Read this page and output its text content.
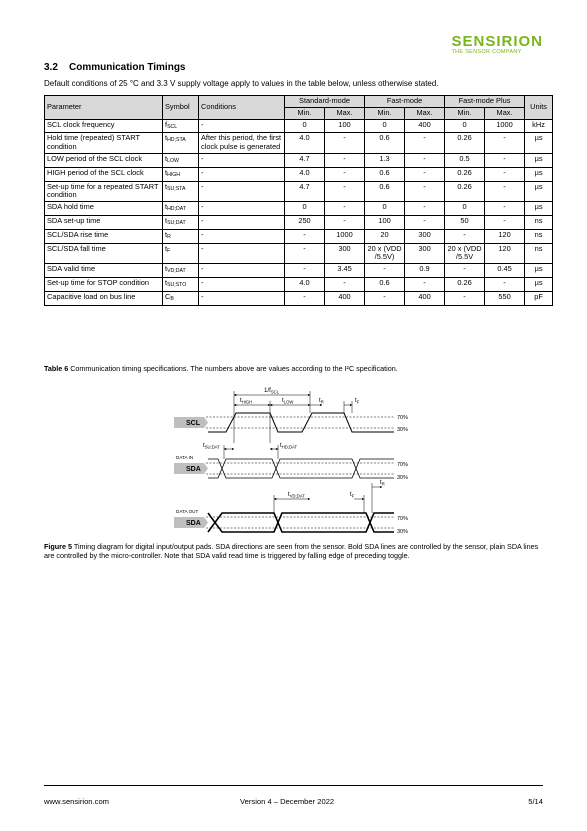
SENSIRION
THE SENSOR COMPANY
3.2 Communication Timings
Default conditions of 25 °C and 3.3 V supply voltage apply to values in the table below, unless otherwise stated.
Parameter	Symbol	Conditions	Standard-mode		Fast-mode		Fast-mode Plus		Units
			Min.	Max.	Min.	Max.	Min.	Max.	
SCL clock frequency	fSCL	-	0	100	0	400	0	1000	kHz
Hold time (repeated) START condition	tHD;STA	After this period, the first clock pulse is generated	4.0	-	0.6	-	0.26	-	µs
LOW period of the SCL clock	tLOW	-	4.7	-	1.3	-	0.5	-	µs
HIGH period of the SCL clock	tHIGH	-	4.0	-	0.6	-	0.26	-	µs
Set-up time for a repeated START condition	tSU;STA	-	4.7	-	0.6	-	0.26	-	µs
SDA hold time	tHD;DAT	-	0	-	0	-	0	-	µs
SDA set-up time	tSU;DAT	-	250	-	100	-	50	-	ns
SCL/SDA rise time	tR	-	-	1000	20	300	-	120	ns
SCL/SDA fall time	tF	-	-	300	20 x (VDD /5.5V)	300	20 x (VDD /5.5V	120	ns
SDA valid time	tVD;DAT	-	-	3.45	-	0.9	-	0.45	µs
Set-up time for STOP condition	tSU;STO	-	4.0	-	0.6	-	0.26	-	µs
Capacitive load on bus line	CB	-	-	400	-	400	-	550	pF
Table 6 Communication timing specifications. The numbers above are values according to the I²C specification.
SCL
SDA
SDA
DATA IN
DATA OUT
70%
30%
70%
30%
70%
30%
$1/f_{SCL}$
$t_{HIGH}$	$t_{LOW}$	$t_R$	$t_F$
$t_{SU;DAT}$	$t_{HD;DAT}$
$t_{VD;DAT}$	$t_F$
$t_R$
Figure 5 Timing diagram for digital input/output pads. SDA directions are seen from the sensor. Bold SDA lines are controlled by the sensor, plain SDA lines are controlled by the micro-controller. Note that SDA valid read time is triggered by falling edge of preceding toggle.
www.sensirion.com	Version 4 – December 2022	5/14
